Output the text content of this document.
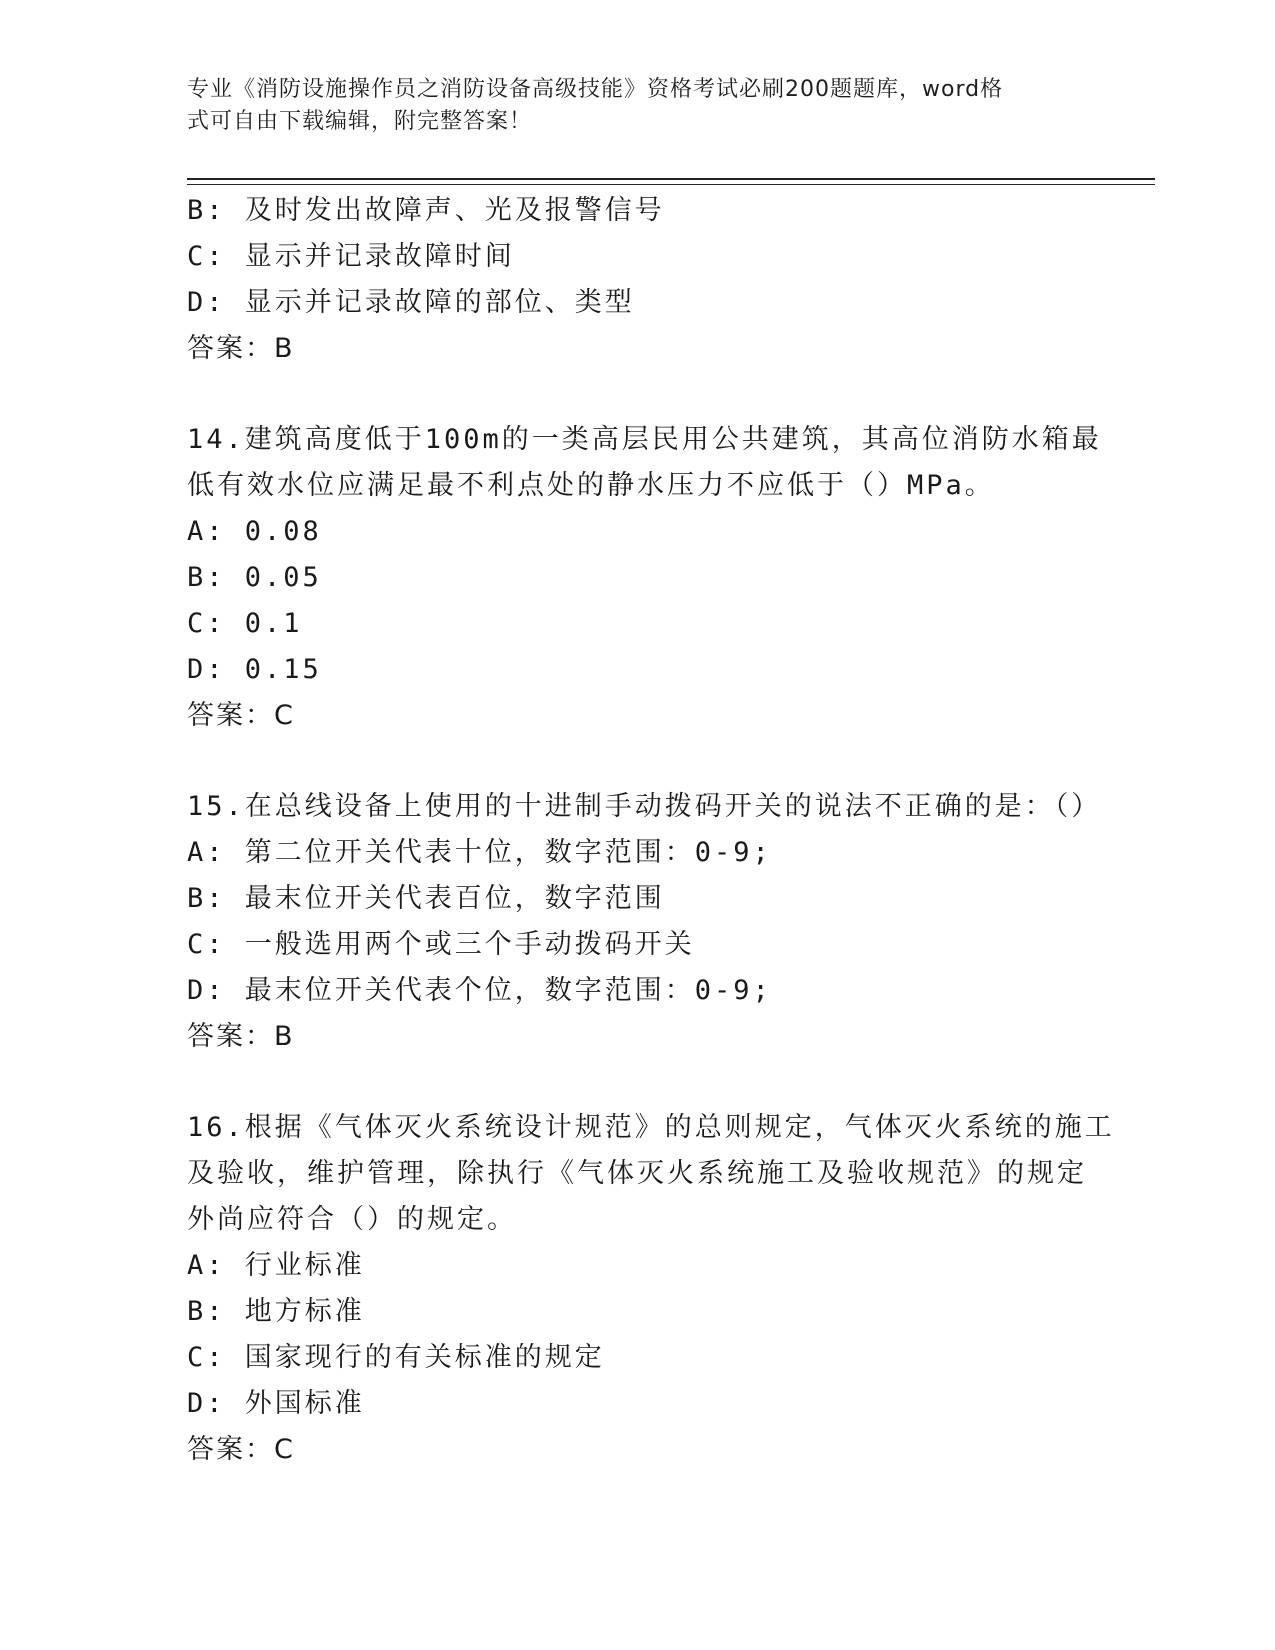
专业《消防设施操作员之消防设备高级技能》资格考试必刷200题题库，word格
式可自由下载编辑，附完整答案！
B: 及时发出故障声、光及报警信号
C: 显示并记录故障时间
D: 显示并记录故障的部位、类型
答案：B
14.建筑高度低于100m的一类高层民用公共建筑，其高位消防水箱最
低有效水位应满足最不利点处的静水压力不应低于（）MPa。
A: 0.08
B: 0.05
C: 0.1
D: 0.15
答案：C
15.在总线设备上使用的十进制手动拨码开关的说法不正确的是：（）
A: 第二位开关代表十位，数字范围：0-9;
B: 最末位开关代表百位，数字范围
C: 一般选用两个或三个手动拨码开关
D: 最末位开关代表个位，数字范围：0-9;
答案：B
16.根据《气体灭火系统设计规范》的总则规定，气体灭火系统的施工
及验收，维护管理，除执行《气体灭火系统施工及验收规范》的规定
外尚应符合（）的规定。
A: 行业标准
B: 地方标准
C: 国家现行的有关标准的规定
D: 外国标准
答案：C
